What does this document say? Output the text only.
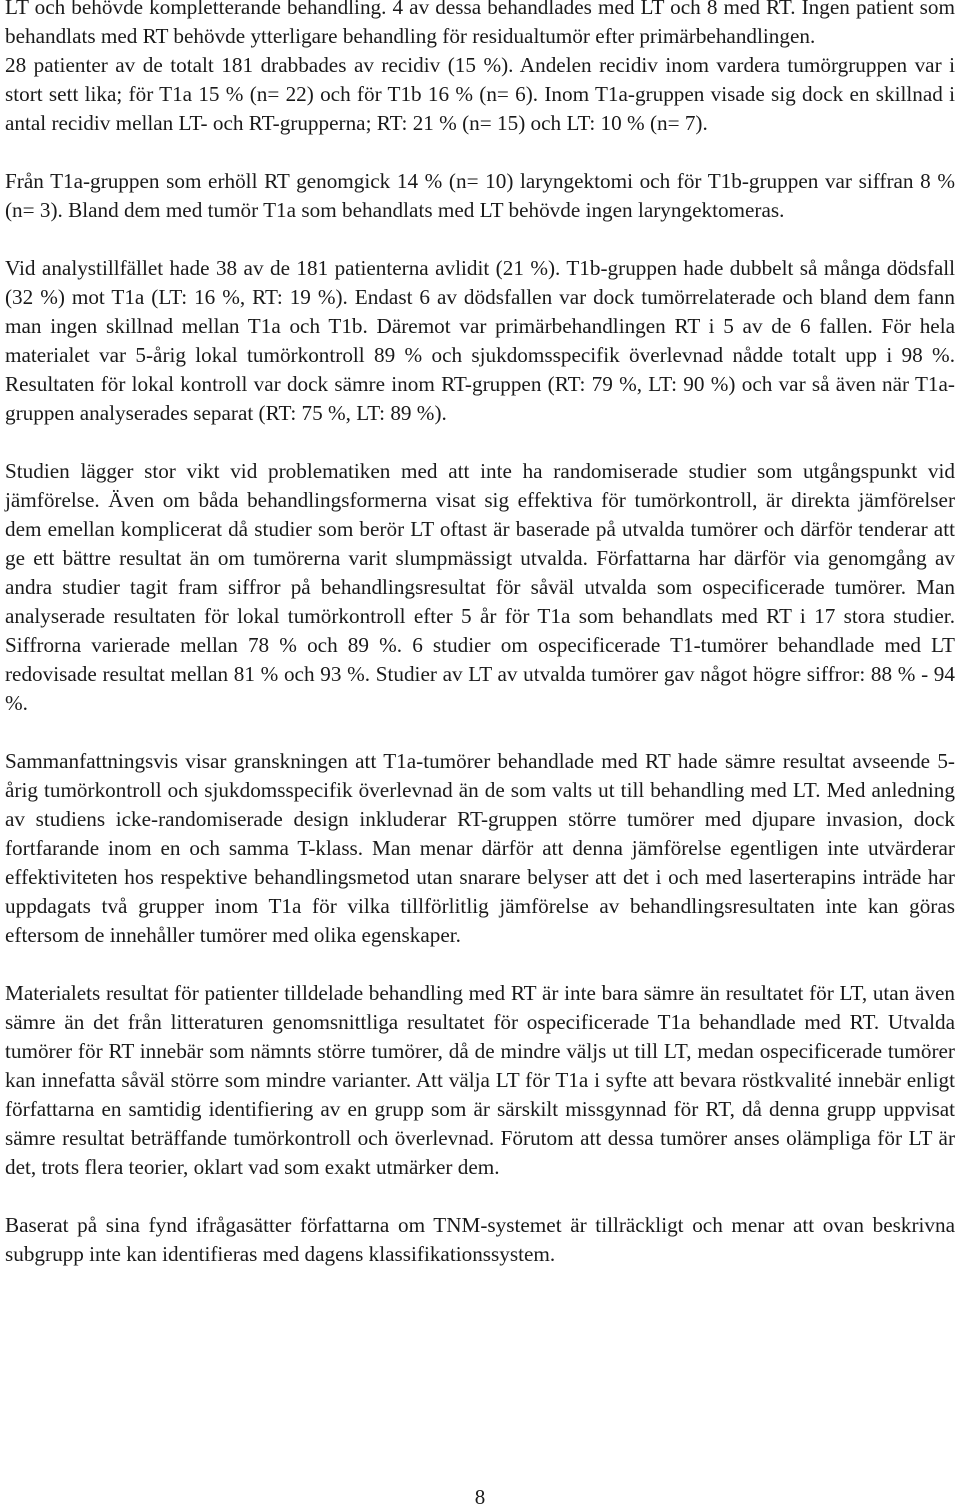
LT och behövde kompletterande behandling. 4 av dessa behandlades med LT och 8 med RT. Ingen patient som behandlats med RT behövde ytterligare behandling för residualtumör efter primärbehandlingen.

28 patienter av de totalt 181 drabbades av recidiv (15 %). Andelen recidiv inom vardera tumörgruppen var i stort sett lika; för T1a 15 % (n= 22) och för T1b 16 % (n= 6). Inom T1a-gruppen visade sig dock en skillnad i antal recidiv mellan LT- och RT-grupperna; RT: 21 % (n= 15) och LT: 10 % (n= 7).

Från T1a-gruppen som erhöll RT genomgick 14 % (n= 10) laryngektomi och för T1b-gruppen var siffran 8 % (n= 3). Bland dem med tumör T1a som behandlats med LT behövde ingen laryngektomeras.

Vid analystillfället hade 38 av de 181 patienterna avlidit (21 %). T1b-gruppen hade dubbelt så många dödsfall (32 %) mot T1a (LT: 16 %, RT: 19 %). Endast 6 av dödsfallen var dock tumörrelaterade och bland dem fann man ingen skillnad mellan T1a och T1b. Däremot var primärbehandlingen RT i 5 av de 6 fallen. För hela materialet var 5-årig lokal tumörkontroll 89 % och sjukdomsspecifik överlevnad nådde totalt upp i 98 %. Resultaten för lokal kontroll var dock sämre inom RT-gruppen (RT: 79 %, LT: 90 %) och var så även när T1a-gruppen analyserades separat (RT: 75 %, LT: 89 %).

Studien lägger stor vikt vid problematiken med att inte ha randomiserade studier som utgångspunkt vid jämförelse. Även om båda behandlingsformerna visat sig effektiva för tumörkontroll, är direkta jämförelser dem emellan komplicerat då studier som berör LT oftast är baserade på utvalda tumörer och därför tenderar att ge ett bättre resultat än om tumörerna varit slumpmässigt utvalda. Författarna har därför via genomgång av andra studier tagit fram siffror på behandlingsresultat för såväl utvalda som ospecificerade tumörer. Man analyserade resultaten för lokal tumörkontroll efter 5 år för T1a som behandlats med RT i 17 stora studier. Siffrorna varierade mellan 78 % och 89 %. 6 studier om ospecificerade T1-tumörer behandlade med LT redovisade resultat mellan 81 % och 93 %. Studier av LT av utvalda tumörer gav något högre siffror: 88 % - 94 %.

Sammanfattningsvis visar granskningen att T1a-tumörer behandlade med RT hade sämre resultat avseende 5-årig tumörkontroll och sjukdomsspecifik överlevnad än de som valts ut till behandling med LT. Med anledning av studiens icke-randomiserade design inkluderar RT-gruppen större tumörer med djupare invasion, dock fortfarande inom en och samma T-klass. Man menar därför att denna jämförelse egentligen inte utvärderar effektiviteten hos respektive behandlingsmetod utan snarare belyser att det i och med laserterapins inträde har uppdagats två grupper inom T1a för vilka tillförlitlig jämförelse av behandlingsresultaten inte kan göras eftersom de innehåller tumörer med olika egenskaper.

Materialets resultat för patienter tilldelade behandling med RT är inte bara sämre än resultatet för LT, utan även sämre än det från litteraturen genomsnittliga resultatet för ospecificerade T1a behandlade med RT. Utvalda tumörer för RT innebär som nämnts större tumörer, då de mindre väljs ut till LT, medan ospecificerade tumörer kan innefatta såväl större som mindre varianter. Att välja LT för T1a i syfte att bevara röstkvalité innebär enligt författarna en samtidig identifiering av en grupp som är särskilt missgynnad för RT, då denna grupp uppvisat sämre resultat beträffande tumörkontroll och överlevnad. Förutom att dessa tumörer anses olämpliga för LT är det, trots flera teorier, oklart vad som exakt utmärker dem.

Baserat på sina fynd ifrågasätter författarna om TNM-systemet är tillräckligt och menar att ovan beskrivna subgrupp inte kan identifieras med dagens klassifikationssystem.

8
